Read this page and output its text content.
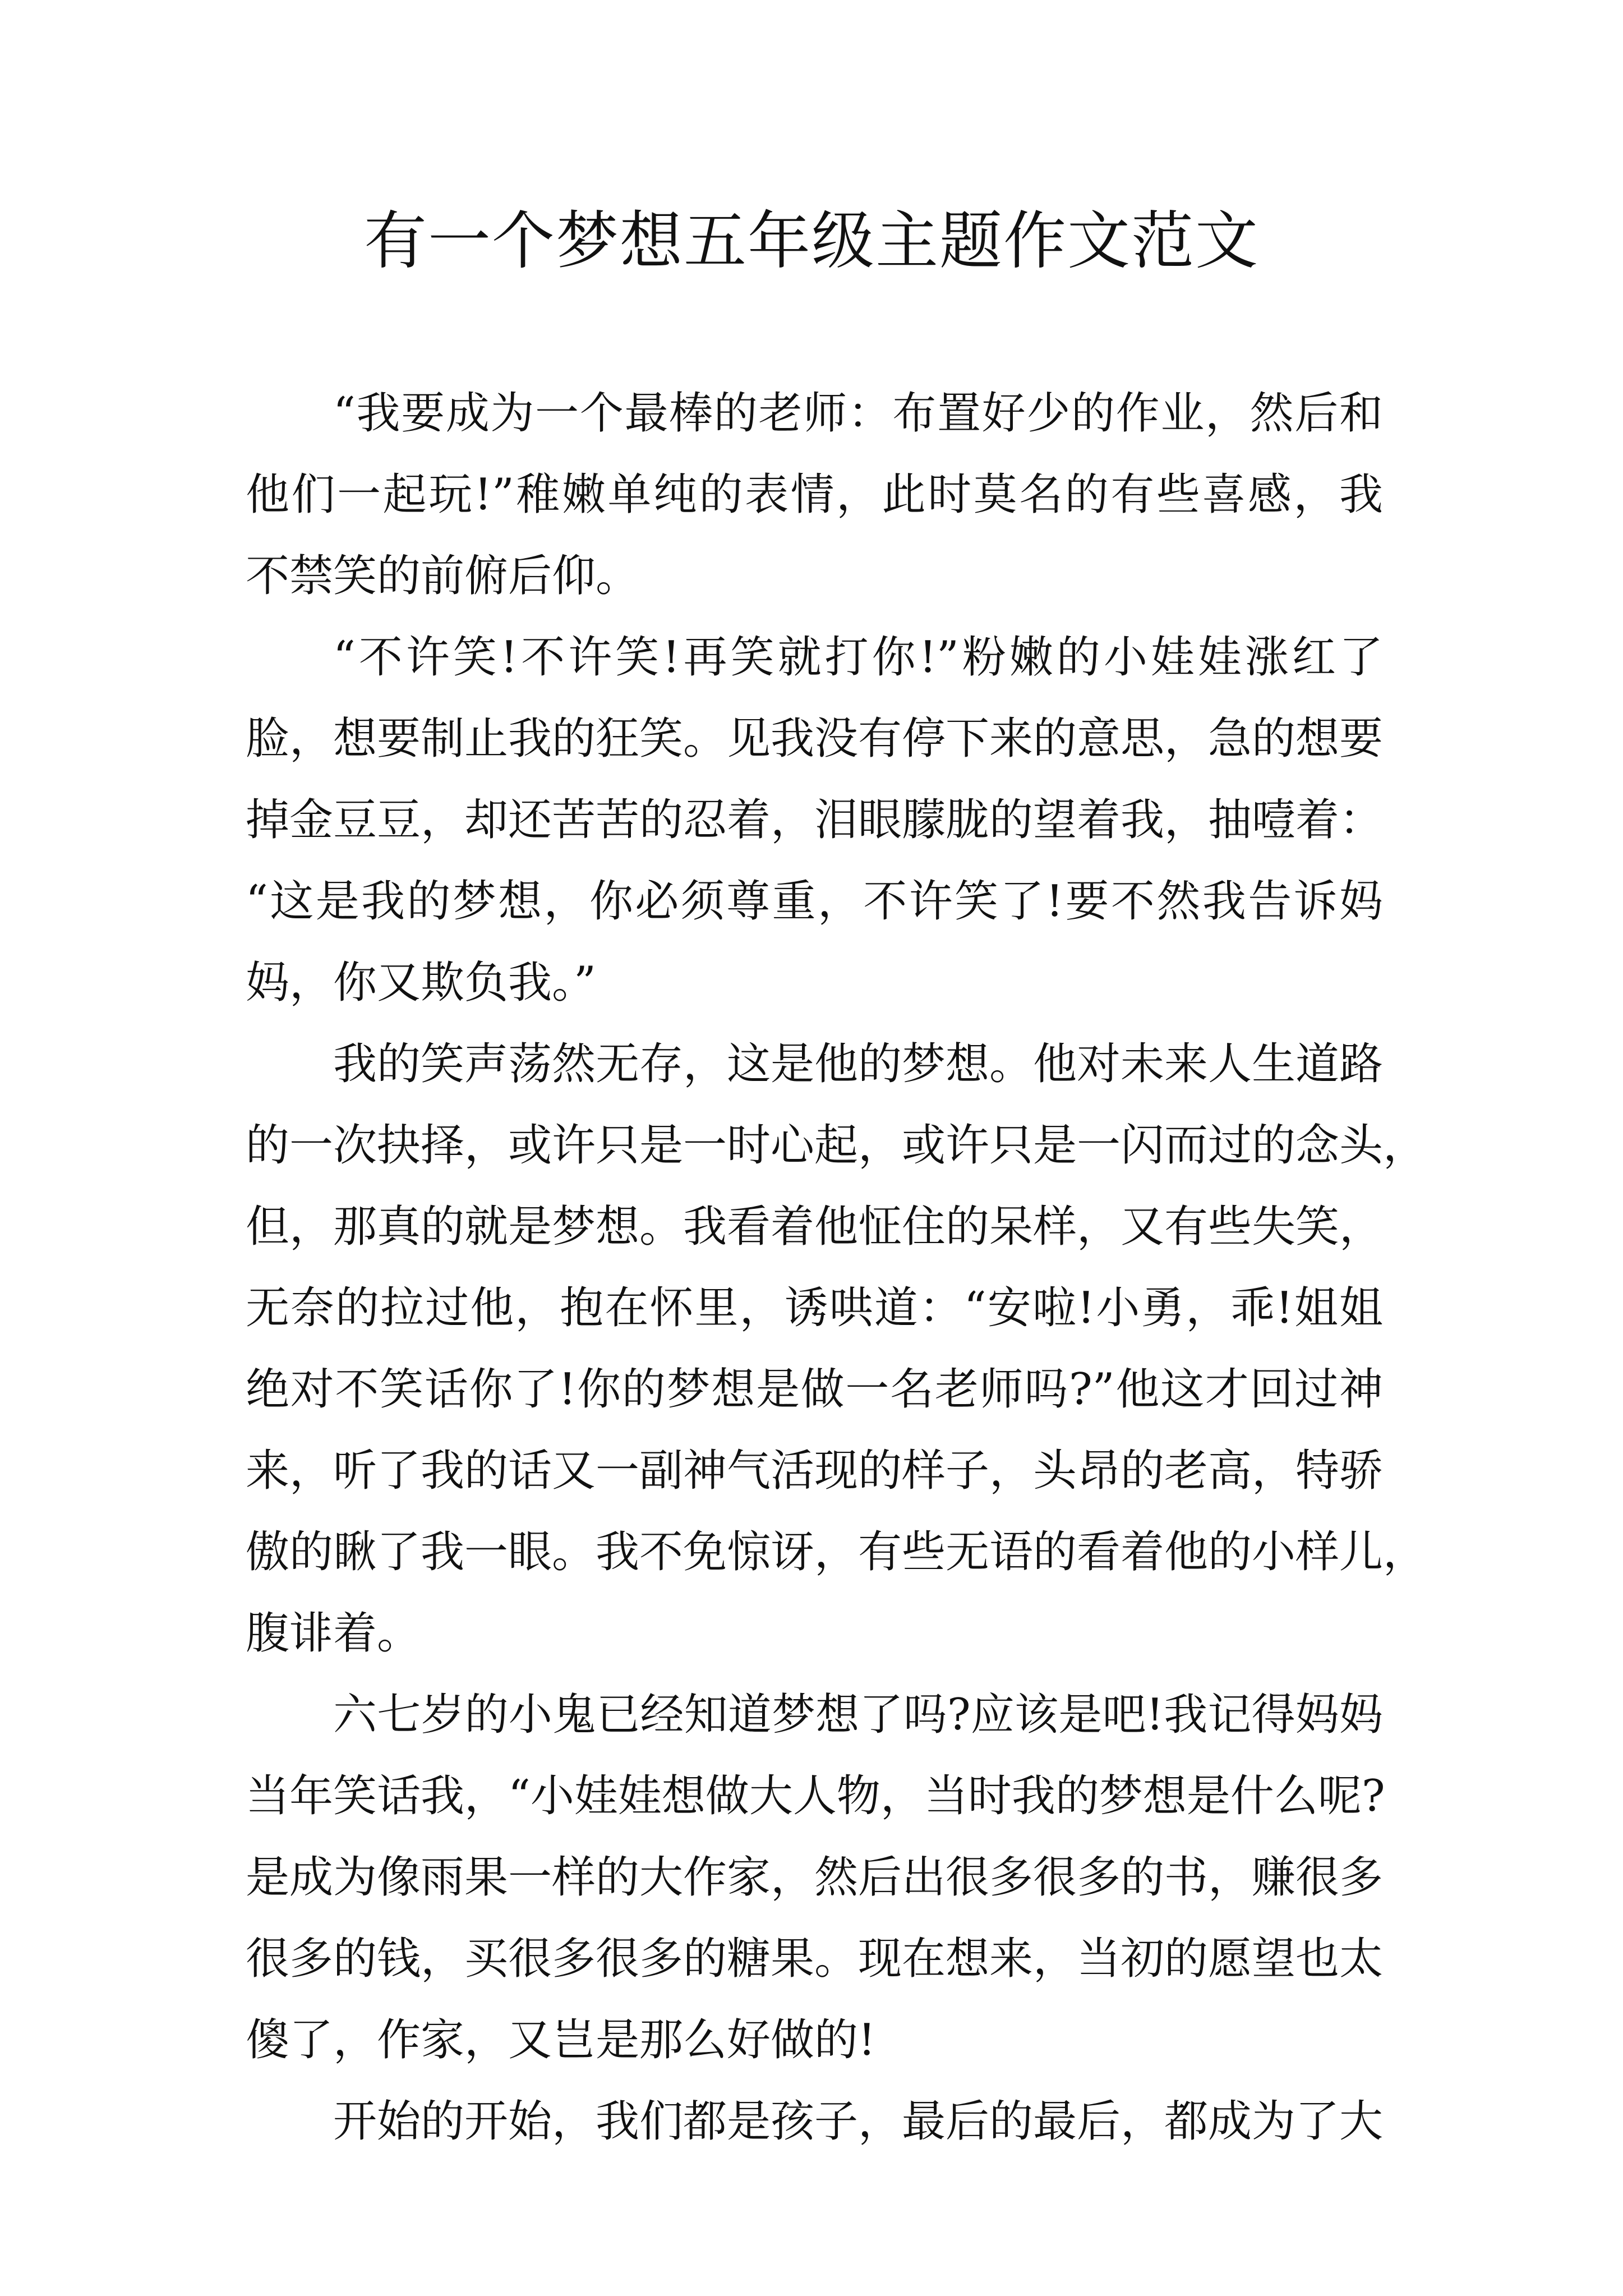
有一个梦想五年级主题作文范文
“我要成为一个最棒的老师：布置好少的作业，然后和
他们一起玩!”稚嫩单纯的表情，此时莫名的有些喜感，我
不禁笑的前俯后仰。
“不许笑!不许笑!再笑就打你!”粉嫩的小娃娃涨红了
脸，想要制止我的狂笑。见我没有停下来的意思，急的想要
掉金豆豆，却还苦苦的忍着，泪眼朦胧的望着我，抽噎着：
“这是我的梦想，你必须尊重，不许笑了!要不然我告诉妈
妈，你又欺负我。”
我的笑声荡然无存，这是他的梦想。他对未来人生道路
的一次抉择，或许只是一时心起，或许只是一闪而过的念头，
但，那真的就是梦想。我看着他怔住的呆样，又有些失笑，
无奈的拉过他，抱在怀里，诱哄道：“安啦!小勇，乖!姐姐
绝对不笑话你了!你的梦想是做一名老师吗?”他这才回过神
来，听了我的话又一副神气活现的样子，头昂的老高，特骄
傲的瞅了我一眼。我不免惊讶，有些无语的看着他的小样儿，
腹诽着。
六七岁的小鬼已经知道梦想了吗?应该是吧!我记得妈妈
当年笑话我，“小娃娃想做大人物，当时我的梦想是什么呢?
是成为像雨果一样的大作家，然后出很多很多的书，赚很多
很多的钱，买很多很多的糖果。现在想来，当初的愿望也太
傻了，作家，又岂是那么好做的!
开始的开始，我们都是孩子，最后的最后，都成为了大
